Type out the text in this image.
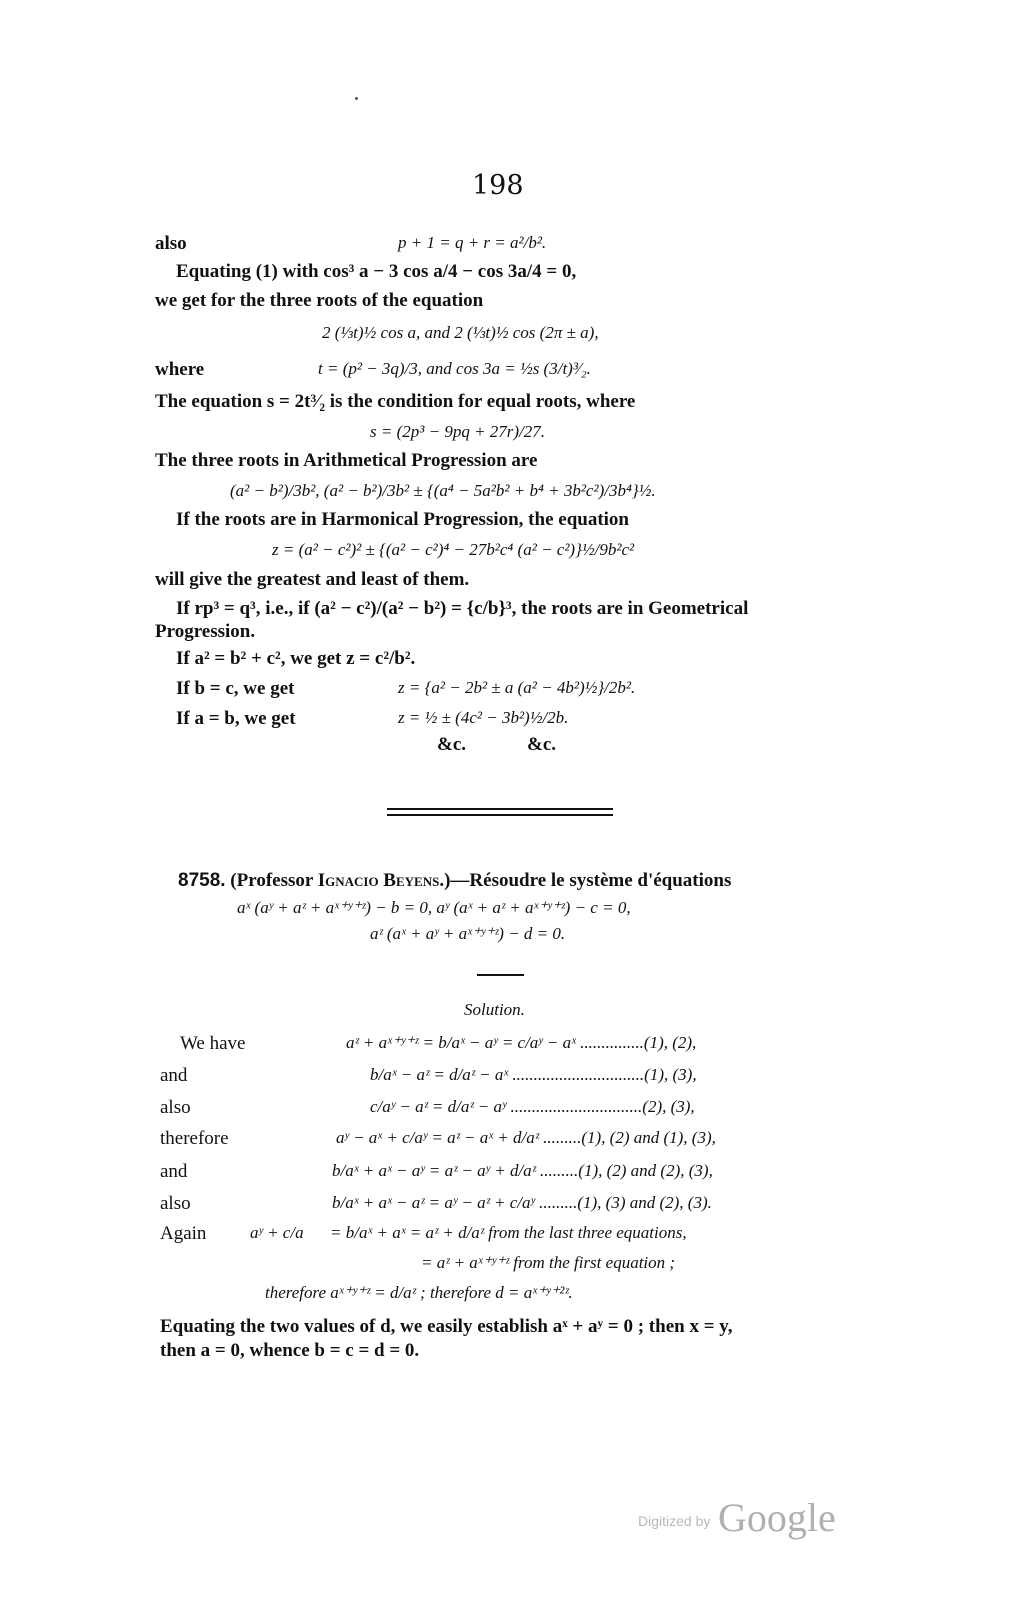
198
also	p + 1 = q + r = a²/b².
Equating (1) with cos³ a − 3 cos a/4 − cos 3a/4 = 0,
we get for the three roots of the equation
2 (⅓t)½ cos a, and 2 (⅓t)½ cos (2π ± a),
where	t = (p² − 3q)/3, and cos 3a = ½s (3/t)³⁄₂.
The equation s = 2t³⁄₂ is the condition for equal roots, where
s = (2p³ − 9pq + 27r)/27.
The three roots in Arithmetical Progression are
(a² − b²)/3b², (a² − b²)/3b² ± {(a⁴ − 5a²b² + b⁴ + 3b²c²)/3b⁴}½.
If the roots are in Harmonical Progression, the equation
z = (a² − c²)² ± {(a² − c²)⁴ − 27b²c⁴ (a² − c²)}½/9b²c²
will give the greatest and least of them.
If rp³ = q³, i.e., if (a² − c²)/(a² − b²) = {c/b}³, the roots are in Geometrical
Progression.
If a² = b² + c², we get z = c²/b².
If b = c, we get	z = {a² − 2b² ± a (a² − 4b²)½}/2b².
If a = b, we get	z = ½ ± (4c² − 3b²)½/2b.
&c.	&c.
8758. (Professor Ignacio Beyens.)—Résoudre le système d'équations
aˣ (aʸ + aᶻ + aˣ⁺ʸ⁺ᶻ) − b = 0, aʸ (aˣ + aᶻ + aˣ⁺ʸ⁺ᶻ) − c = 0,
aᶻ (aˣ + aʸ + aˣ⁺ʸ⁺ᶻ) − d = 0.
Solution.
We have	aᶻ + aˣ⁺ʸ⁺ᶻ = b/aˣ − aʸ = c/aʸ − aˣ ...............(1), (2),
and	b/aˣ − aᶻ = d/aᶻ − aˣ ...............................(1), (3),
also	c/aʸ − aᶻ = d/aᶻ − aʸ ...............................(2), (3),
therefore	aʸ − aˣ + c/aʸ = aᶻ − aˣ + d/aᶻ .........(1), (2) and (1), (3),
and	b/aˣ + aˣ − aʸ = aᶻ − aʸ + d/aᶻ .........(1), (2) and (2), (3),
also	b/aˣ + aˣ − aᶻ = aʸ − aᶻ + c/aʸ .........(1), (3) and (2), (3).
Again	aʸ + c/a = b/aˣ + aˣ = aᶻ + d/aᶻ from the last three equations,
= aᶻ + aˣ⁺ʸ⁺ᶻ from the first equation ;
therefore aˣ⁺ʸ⁺ᶻ = d/aᶻ ; therefore d = aˣ⁺ʸ⁺²ᶻ.
Equating the two values of d, we easily establish aˣ + aʸ = 0 ; then x = y,
then a = 0, whence b = c = d = 0.
Digitized by Google
